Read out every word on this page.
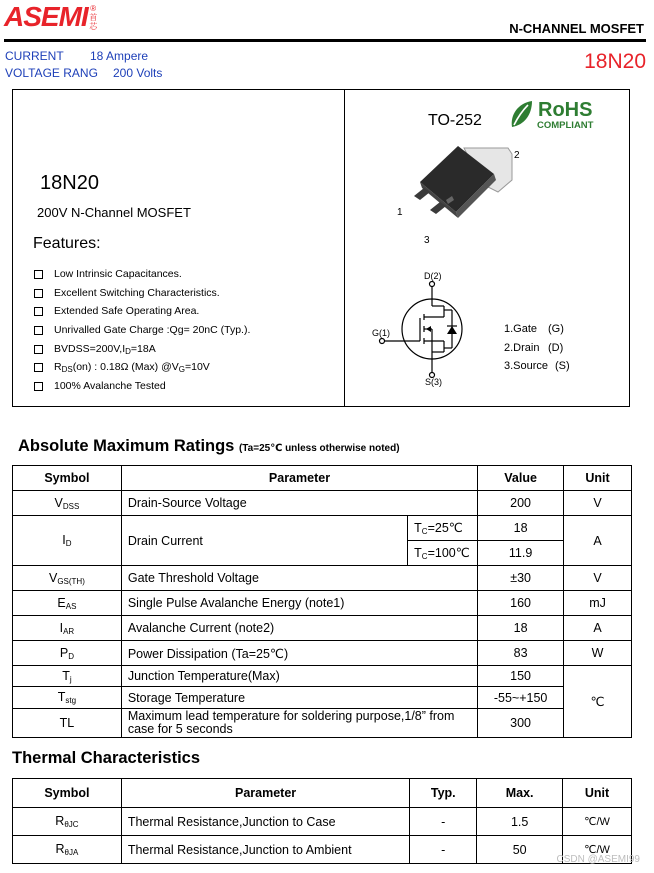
ASEMI ®
首
芯	N-CHANNEL MOSFET
CURRENT 18 Ampere
VOLTAGE RANG 200 Volts	18N20
18N20
200V N-Channel MOSFET
Features:
Low Intrinsic Capacitances.
Excellent Switching Characteristics.
Extended Safe Operating Area.
Unrivalled Gate Charge :Qg= 20nC (Typ.).
$BVDSS=200V,I_D=18A$
$R_{DS}(on)$ : 0.18Ω (Max) $@V_G=10V$
100% Avalanche Tested
TO-252	RoHS
COMPLIANT
1
2
3
D(2)
G(1)
S(3)
1.Gate (G)
2.Drain (D)
3.Source (S)
Absolute Maximum Ratings (Ta=25℃ unless otherwise noted)
Symbol	Parameter		Value	Unit
$V_{DSS}$	Drain-Source Voltage		200	V
$I_D$	Drain Current	$T_C=25℃$	18	A
		$T_C=100℃$	11.9	
$V_{GS(TH)}$	Gate Threshold Voltage		±30	V
$E_{AS}$	Single Pulse Avalanche Energy (note1)		160	mJ
$I_{AR}$	Avalanche Current (note2)		18	A
$P_D$	Power Dissipation (Ta=25℃)		83	W
$T_j$	Junction Temperature(Max)		150	℃
$T_{stg}$	Storage Temperature		-55~+150	
TL	Maximum lead temperature for soldering purpose,1/8” from case for 5 seconds		300	
Thermal Characteristics
Symbol	Parameter	Typ.	Max.	Unit
$R_{\theta JC}$	Thermal Resistance,Junction to Case	-	1.5	℃/W
$R_{\theta JA}$	Thermal Resistance,Junction to Ambient	-	50	℃/W
CSDN @ASEMI99
